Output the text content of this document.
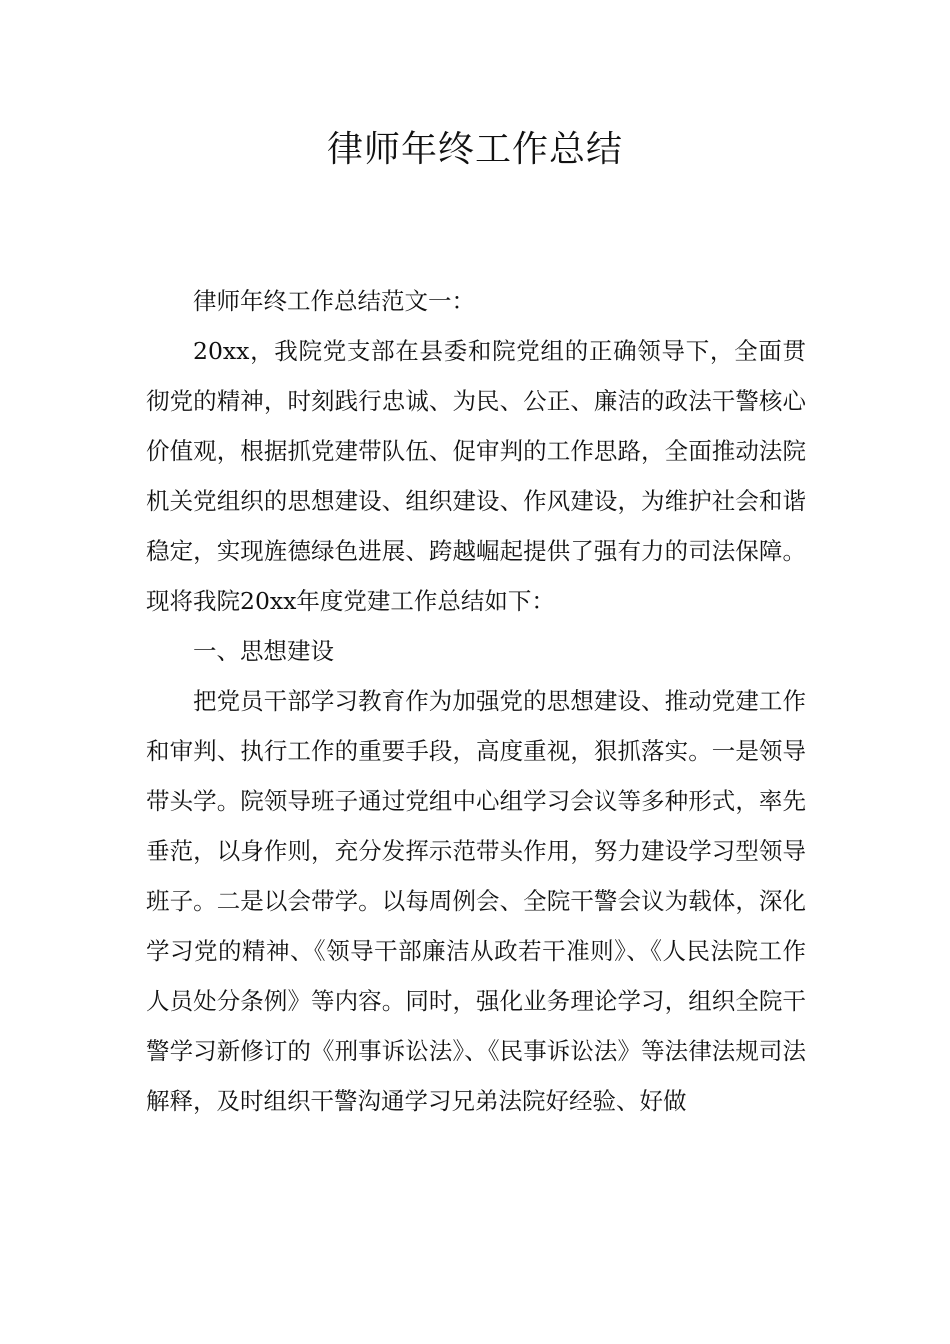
律师年终工作总结

律师年终工作总结范文一：

20xx，我院党支部在县委和院党组的正确领导下，全面贯彻党的精神，时刻践行忠诚、为民、公正、廉洁的政法干警核心价值观，根据抓党建带队伍、促审判的工作思路，全面推动法院机关党组织的思想建设、组织建设、作风建设，为维护社会和谐稳定，实现旌德绿色进展、跨越崛起提供了强有力的司法保障。现将我院20xx年度党建工作总结如下：

一、思想建设

把党员干部学习教育作为加强党的思想建设、推动党建工作和审判、执行工作的重要手段，高度重视，狠抓落实。一是领导带头学。院领导班子通过党组中心组学习会议等多种形式，率先垂范，以身作则，充分发挥示范带头作用，努力建设学习型领导班子。二是以会带学。以每周例会、全院干警会议为载体，深化学习党的精神、《领导干部廉洁从政若干准则》、《人民法院工作人员处分条例》等内容。同时，强化业务理论学习，组织全院干警学习新修订的《刑事诉讼法》、《民事诉讼法》等法律法规司法解释，及时组织干警沟通学习兄弟法院好经验、好做
